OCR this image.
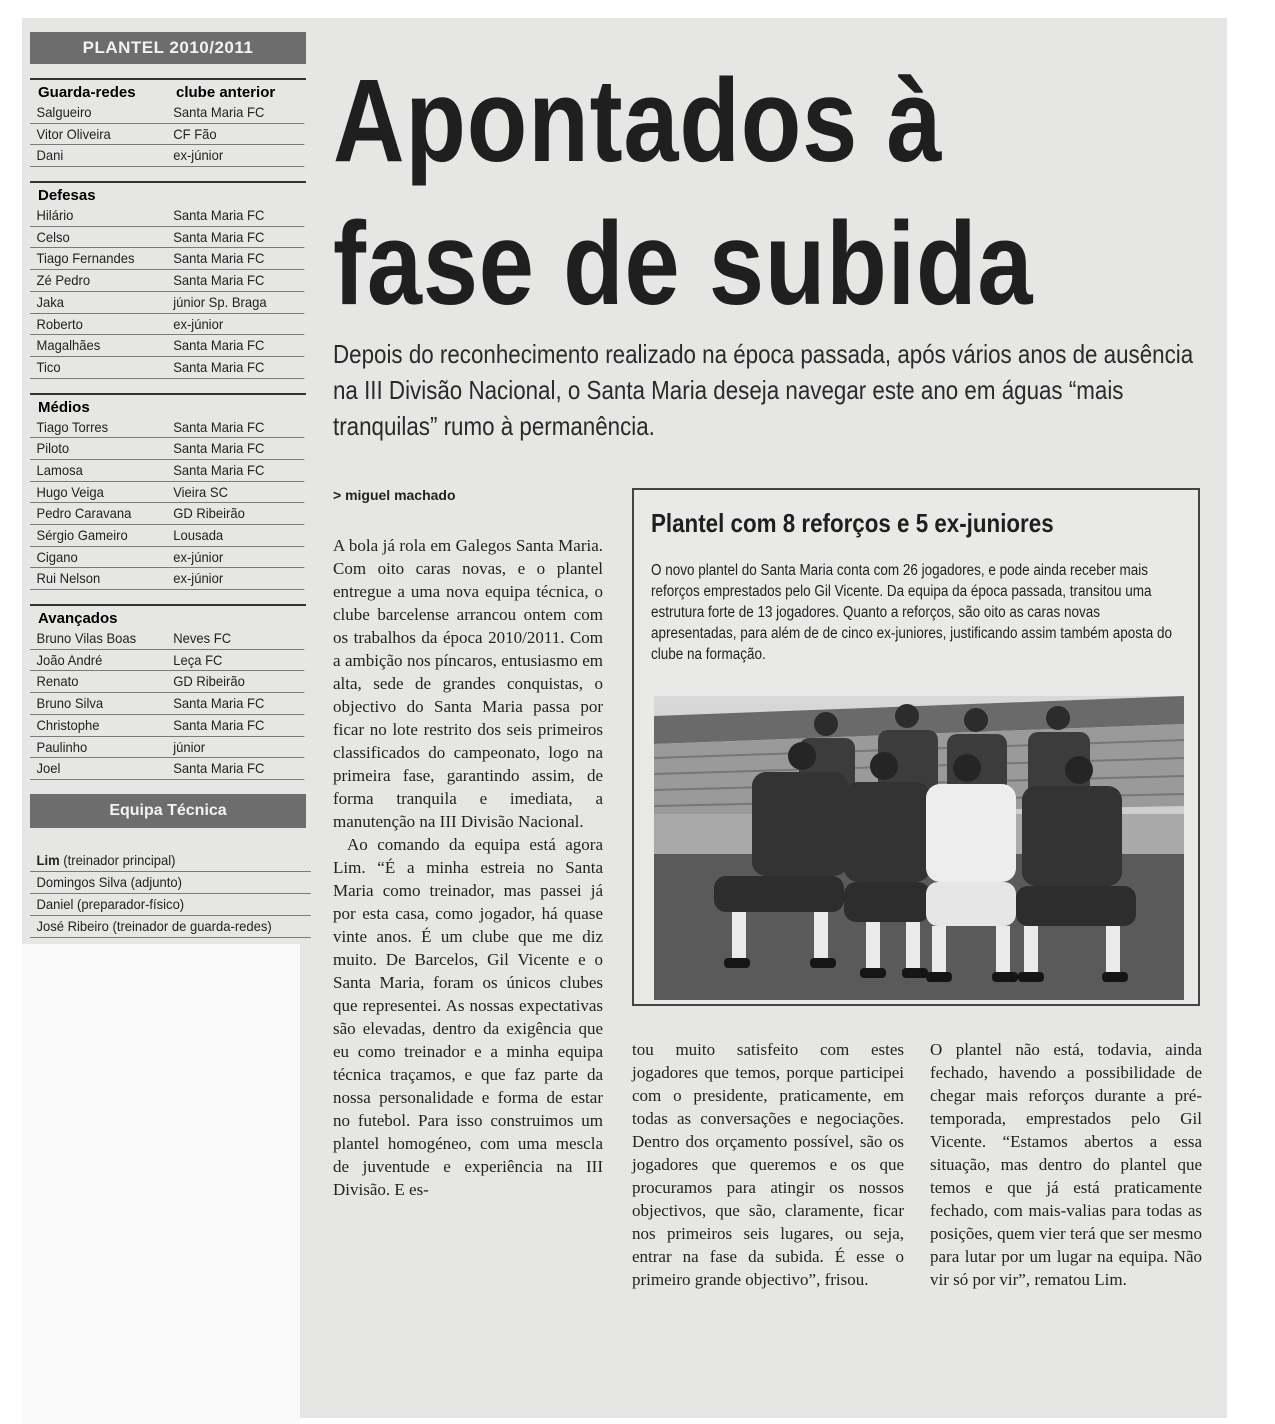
PLANTEL 2010/2011
Guarda-redes	clube anterior
Salgueiro	Santa Maria FC
Vitor Oliveira	CF Fão
Dani	ex-júnior
Defesas
Hilário	Santa Maria FC
Celso	Santa Maria FC
Tiago Fernandes	Santa Maria FC
Zé Pedro	Santa Maria FC
Jaka	júnior Sp. Braga
Roberto	ex-júnior
Magalhães	Santa Maria FC
Tico	Santa Maria FC
Médios
Tiago Torres	Santa Maria FC
Piloto	Santa Maria FC
Lamosa	Santa Maria FC
Hugo Veiga	Vieira SC
Pedro Caravana	GD Ribeirão
Sérgio Gameiro	Lousada
Cigano	ex-júnior
Rui Nelson	ex-júnior
Avançados
Bruno Vilas Boas	Neves FC
João André	Leça FC
Renato	GD Ribeirão
Bruno Silva	Santa Maria FC
Christophe	Santa Maria FC
Paulinho	júnior
Joel	Santa Maria FC
Equipa Técnica
Lim (treinador principal)
Domingos Silva (adjunto)
Daniel (preparador-físico)
José Ribeiro (treinador de guarda-redes)
Apontados à
fase de subida
Depois do reconhecimento realizado na época passada, após vários anos de ausência na III Divisão Nacional, o Santa Maria deseja navegar este ano em águas “mais tranquilas” rumo à permanência.
> miguel machado

A bola já rola em Galegos Santa Maria. Com oito caras novas, e o plantel entregue a uma nova equipa técnica, o clube barcelense arrancou ontem com os trabalhos da época 2010/2011. Com a ambição nos píncaros, entusiasmo em alta, sede de grandes conquistas, o objectivo do Santa Maria passa por ficar no lote restrito dos seis primeiros classificados do campeonato, logo na primeira fase, garantindo assim, de forma tranquila e imediata, a manutenção na III Divisão Nacional.

Ao comando da equipa está agora Lim. “É a minha estreia no Santa Maria como treinador, mas passei já por esta casa, como jogador, há quase vinte anos. É um clube que me diz muito. De Barcelos, Gil Vicente e o Santa Maria, foram os únicos clubes que representei. As nossas expectativas são elevadas, dentro da exigência que eu como treinador e a minha equipa técnica traçamos, e que faz parte da nossa personalidade e forma de estar no futebol. Para isso construimos um plantel homogéneo, com uma mescla de juventude e experiência na III Divisão. E es-

tou muito satisfeito com estes jogadores que temos, porque participei com o presidente, praticamente, em todas as conversações e negociações. Dentro dos orçamento possível, são os jogadores que queremos e os que procuramos para atingir os nossos objectivos, que são, claramente, ficar nos primeiros seis lugares, ou seja, entrar na fase da subida. É esse o primeiro grande objectivo”, frisou.

O plantel não está, todavia, ainda fechado, havendo a possibilidade de chegar mais reforços durante a pré-temporada, emprestados pelo Gil Vicente. “Estamos abertos a essa situação, mas dentro do plantel que temos e que já está praticamente fechado, com mais-valias para todas as posições, quem vier terá que ser mesmo para lutar por um lugar na equipa. Não vir só por vir”, rematou Lim.

Plantel com 8 reforços e 5 ex-juniores
O novo plantel do Santa Maria conta com 26 jogadores, e pode ainda receber mais reforços emprestados pelo Gil Vicente. Da equipa da época passada, transitou uma estrutura forte de 13 jogadores. Quanto a reforços, são oito as caras novas apresentadas, para além de de cinco ex-juniores, justificando assim também aposta do clube na formação.
